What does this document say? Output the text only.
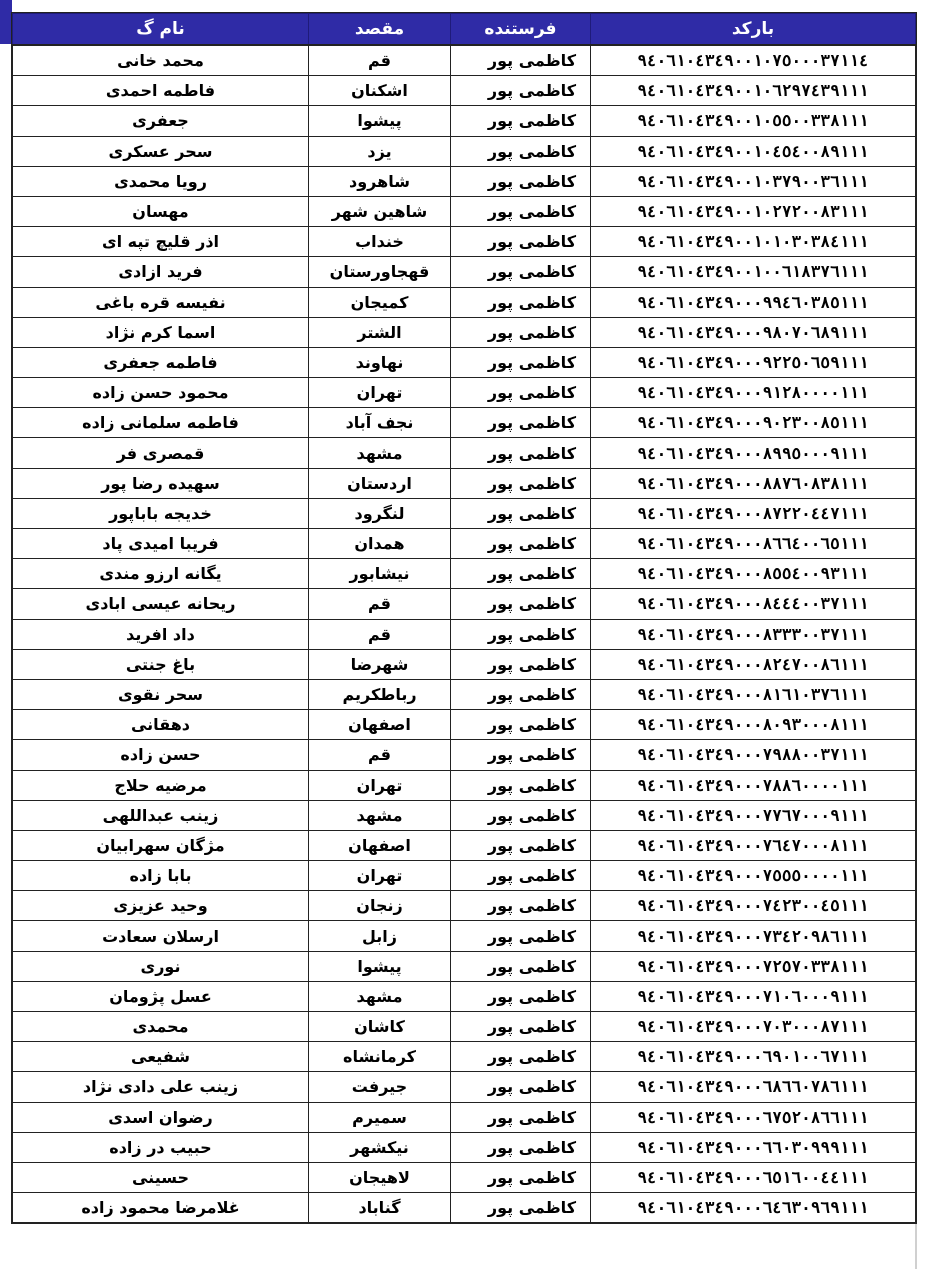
بارکد	فرستنده	مقصد	نام گ
٩٤٠٦١٠٤٣٤٩٠٠١٠٧٥٠٠٠٣٧١١٤	کاظمی پور	قم	محمد خانی
٩٤٠٦١٠٤٣٤٩٠٠١٠٦٢٩٧٤٣٩١١١	کاظمی پور	اشکنان	فاطمه احمدی
٩٤٠٦١٠٤٣٤٩٠٠١٠٥٥٠٠٣٣٨١١١	کاظمی پور	پیشوا	جعفری
٩٤٠٦١٠٤٣٤٩٠٠١٠٤٥٤٠٠٨٩١١١	کاظمی پور	یزد	سحر عسکری
٩٤٠٦١٠٤٣٤٩٠٠١٠٣٧٩٠٠٣٦١١١	کاظمی پور	شاهرود	رویا محمدی
٩٤٠٦١٠٤٣٤٩٠٠١٠٢٧٢٠٠٨٣١١١	کاظمی پور	شاهین شهر	مهسان
٩٤٠٦١٠٤٣٤٩٠٠١٠١٠٣٠٣٨٤١١١	کاظمی پور	خنداب	اذر قلیچ تپه ای
٩٤٠٦١٠٤٣٤٩٠٠١٠٠٦١٨٣٧٦١١١	کاظمی پور	قهجاورستان	فرید ازادی
٩٤٠٦١٠٤٣٤٩٠٠٠٩٩٤٦٠٣٨٥١١١	کاظمی پور	کمیجان	نفیسه قره باغی
٩٤٠٦١٠٤٣٤٩٠٠٠٩٨٠٧٠٦٨٩١١١	کاظمی پور	الشتر	اسما کرم نژاد
٩٤٠٦١٠٤٣٤٩٠٠٠٩٢٢٥٠٦٥٩١١١	کاظمی پور	نهاوند	فاطمه جعفری
٩٤٠٦١٠٤٣٤٩٠٠٠٩١٢٨٠٠٠٠١١١	کاظمی پور	تهران	محمود حسن زاده
٩٤٠٦١٠٤٣٤٩٠٠٠٩٠٢٣٠٠٨٥١١١	کاظمی پور	نجف آباد	فاطمه سلمانی زاده
٩٤٠٦١٠٤٣٤٩٠٠٠٨٩٩٥٠٠٠٩١١١	کاظمی پور	مشهد	قمصری فر
٩٤٠٦١٠٤٣٤٩٠٠٠٨٨٧٦٠٨٣٨١١١	کاظمی پور	اردستان	سهیده رضا پور
٩٤٠٦١٠٤٣٤٩٠٠٠٨٧٢٢٠٤٤٧١١١	کاظمی پور	لنگرود	خدیجه باباپور
٩٤٠٦١٠٤٣٤٩٠٠٠٨٦٦٤٠٠٦٥١١١	کاظمی پور	همدان	فریبا امیدی پاد
٩٤٠٦١٠٤٣٤٩٠٠٠٨٥٥٤٠٠٩٣١١١	کاظمی پور	نیشابور	یگانه ارزو مندی
٩٤٠٦١٠٤٣٤٩٠٠٠٨٤٤٤٠٠٣٧١١١	کاظمی پور	قم	ریحانه عیسی ابادی
٩٤٠٦١٠٤٣٤٩٠٠٠٨٣٣٣٠٠٣٧١١١	کاظمی پور	قم	داد افرید
٩٤٠٦١٠٤٣٤٩٠٠٠٨٢٤٧٠٠٨٦١١١	کاظمی پور	شهرضا	باغ جنتی
٩٤٠٦١٠٤٣٤٩٠٠٠٨١٦١٠٣٧٦١١١	کاظمی پور	رباطکریم	سحر نقوی
٩٤٠٦١٠٤٣٤٩٠٠٠٨٠٩٣٠٠٠٨١١١	کاظمی پور	اصفهان	دهقانی
٩٤٠٦١٠٤٣٤٩٠٠٠٧٩٨٨٠٠٣٧١١١	کاظمی پور	قم	حسن زاده
٩٤٠٦١٠٤٣٤٩٠٠٠٧٨٨٦٠٠٠٠١١١	کاظمی پور	تهران	مرضیه حلاج
٩٤٠٦١٠٤٣٤٩٠٠٠٧٧٦٧٠٠٠٩١١١	کاظمی پور	مشهد	زینب عبداللهی
٩٤٠٦١٠٤٣٤٩٠٠٠٧٦٤٧٠٠٠٨١١١	کاظمی پور	اصفهان	مژگان سهرابیان
٩٤٠٦١٠٤٣٤٩٠٠٠٧٥٥٥٠٠٠٠١١١	کاظمی پور	تهران	بابا زاده
٩٤٠٦١٠٤٣٤٩٠٠٠٧٤٢٣٠٠٤٥١١١	کاظمی پور	زنجان	وحید عزیزی
٩٤٠٦١٠٤٣٤٩٠٠٠٧٣٤٢٠٩٨٦١١١	کاظمی پور	زابل	ارسلان سعادت
٩٤٠٦١٠٤٣٤٩٠٠٠٧٢٥٧٠٣٣٨١١١	کاظمی پور	پیشوا	نوری
٩٤٠٦١٠٤٣٤٩٠٠٠٧١٠٦٠٠٠٩١١١	کاظمی پور	مشهد	عسل پژومان
٩٤٠٦١٠٤٣٤٩٠٠٠٧٠٣٠٠٠٨٧١١١	کاظمی پور	کاشان	محمدی
٩٤٠٦١٠٤٣٤٩٠٠٠٦٩٠١٠٠٦٧١١١	کاظمی پور	کرمانشاه	شفیعی
٩٤٠٦١٠٤٣٤٩٠٠٠٦٨٦٦٠٧٨٦١١١	کاظمی پور	جیرفت	زینب علی دادی نژاد
٩٤٠٦١٠٤٣٤٩٠٠٠٦٧٥٢٠٨٦٦١١١	کاظمی پور	سمیرم	رضوان اسدی
٩٤٠٦١٠٤٣٤٩٠٠٠٦٦٠٣٠٩٩٩١١١	کاظمی پور	نیکشهر	حبیب در زاده
٩٤٠٦١٠٤٣٤٩٠٠٠٦٥١٦٠٠٤٤١١١	کاظمی پور	لاهیجان	حسینی
٩٤٠٦١٠٤٣٤٩٠٠٠٦٤٦٣٠٩٦٩١١١	کاظمی پور	گناباد	غلامرضا محمود زاده
